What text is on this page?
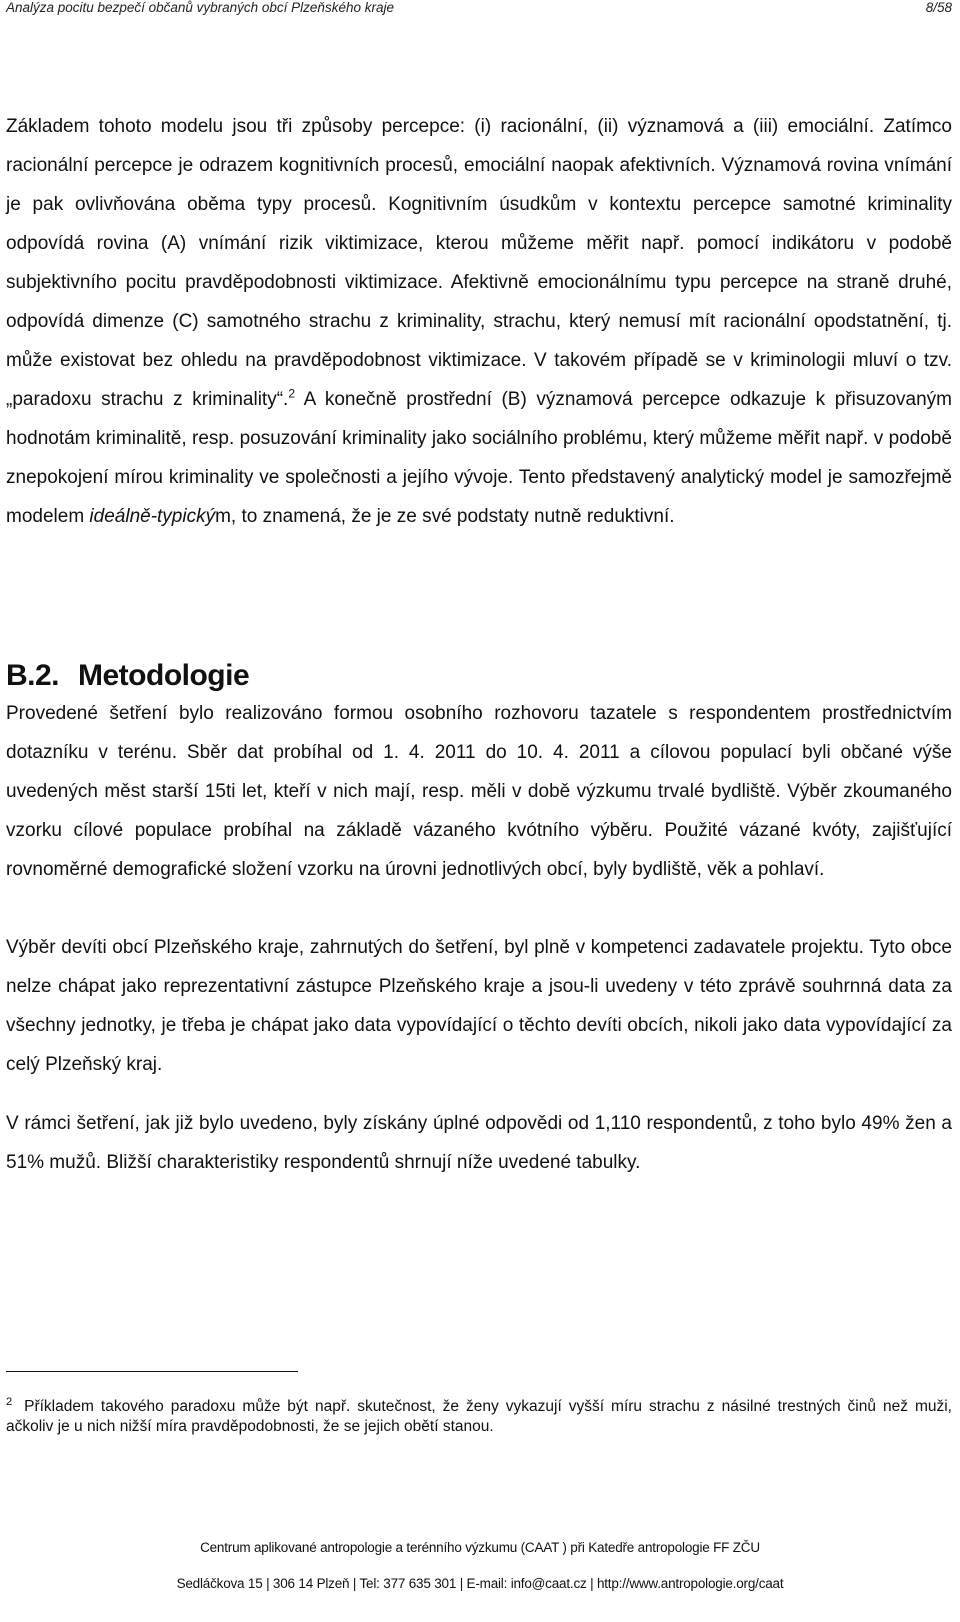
Analýza pocitu bezpečí občanů vybraných obcí Plzeňského kraje	8/58

Základem tohoto modelu jsou tři způsoby percepce: (i) racionální, (ii) významová a (iii) emociální. Zatímco racionální percepce je odrazem kognitivních procesů, emociální naopak afektivních. Významová rovina vnímání je pak ovlivňována oběma typy procesů. Kognitivním úsudkům v kontextu percepce samotné kriminality odpovídá rovina (A) vnímání rizik viktimizace, kterou můžeme měřit např. pomocí indikátoru v podobě subjektivního pocitu pravděpodobnosti viktimizace. Afektivně emocionálnímu typu percepce na straně druhé, odpovídá dimenze (C) samotného strachu z kriminality, strachu, který nemusí mít racionální opodstatnění, tj. může existovat bez ohledu na pravděpodobnost viktimizace. V takovém případě se v kriminologii mluví o tzv. „paradoxu strachu z kriminality“.$^2$ A konečně prostřední (B) významová percepce odkazuje k přisuzovaným hodnotám kriminalitě, resp. posuzování kriminality jako sociálního problému, který můžeme měřit např. v podobě znepokojení mírou kriminality ve společnosti a jejího vývoje. Tento představený analytický model je samozřejmě modelem ideálně-typickým, to znamená, že je ze své podstaty nutně reduktivní.

B.2. Metodologie

Provedené šetření bylo realizováno formou osobního rozhovoru tazatele s respondentem prostřednictvím dotazníku v terénu. Sběr dat probíhal od 1. 4. 2011 do 10. 4. 2011 a cílovou populací byli občané výše uvedených měst starší 15ti let, kteří v nich mají, resp. měli v době výzkumu trvalé bydliště. Výběr zkoumaného vzorku cílové populace probíhal na základě vázaného kvótního výběru. Použité vázané kvóty, zajišťující rovnoměrné demografické složení vzorku na úrovni jednotlivých obcí, byly bydliště, věk a pohlaví.

Výběr devíti obcí Plzeňského kraje, zahrnutých do šetření, byl plně v kompetenci zadavatele projektu. Tyto obce nelze chápat jako reprezentativní zástupce Plzeňského kraje a jsou-li uvedeny v této zprávě souhrnná data za všechny jednotky, je třeba je chápat jako data vypovídající o těchto devíti obcích, nikoli jako data vypovídající za celý Plzeňský kraj.

V rámci šetření, jak již bylo uvedeno, byly získány úplné odpovědi od 1,110 respondentů, z toho bylo 49% žen a 51% mužů. Bližší charakteristiky respondentů shrnují níže uvedené tabulky.

$^2$ Příkladem takového paradoxu může být např. skutečnost, že ženy vykazují vyšší míru strachu z násilné trestných činů než muži, ačkoliv je u nich nižší míra pravděpodobnosti, že se jejich obětí stanou.

Centrum aplikované antropologie a terénního výzkumu (CAAT ) při Katedře antropologie FF ZČU
Sedláčkova 15 | 306 14 Plzeň | Tel: 377 635 301 | E-mail: info@caat.cz | http://www.antropologie.org/caat
